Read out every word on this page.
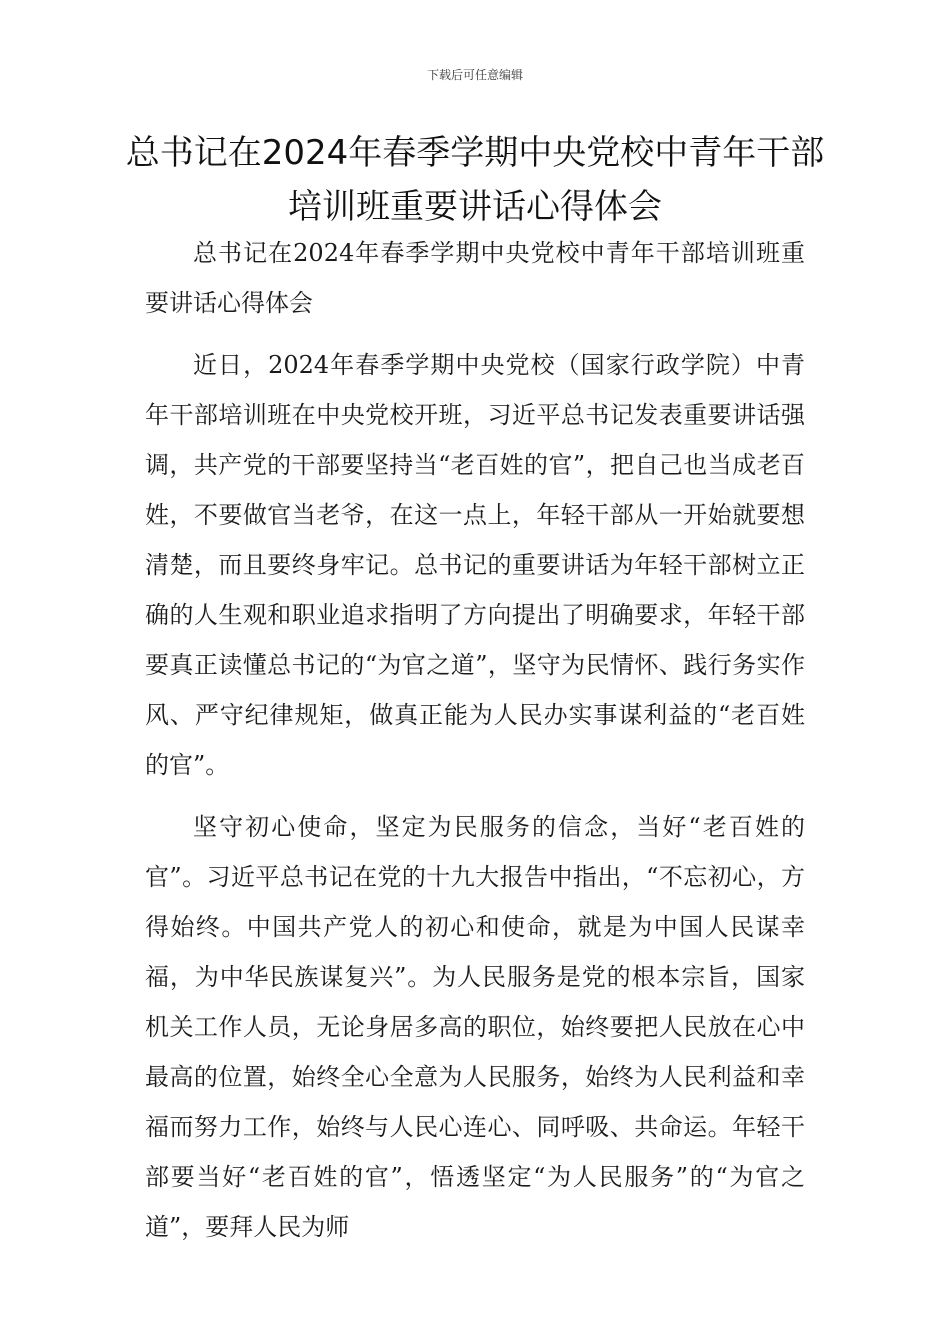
下载后可任意编辑
总书记在2024年春季学期中央党校中青年干部培训班重要讲话心得体会

总书记在2024年春季学期中央党校中青年干部培训班重要讲话心得体会

近日，2024年春季学期中央党校（国家行政学院）中青年干部培训班在中央党校开班，习近平总书记发表重要讲话强调，共产党的干部要坚持当“老百姓的官”，把自己也当成老百姓，不要做官当老爷，在这一点上，年轻干部从一开始就要想清楚，而且要终身牢记。总书记的重要讲话为年轻干部树立正确的人生观和职业追求指明了方向提出了明确要求，年轻干部要真正读懂总书记的“为官之道”，坚守为民情怀、践行务实作风、严守纪律规矩，做真正能为人民办实事谋利益的“老百姓的官”。

坚守初心使命，坚定为民服务的信念，当好“老百姓的官”。习近平总书记在党的十九大报告中指出，“不忘初心，方得始终。中国共产党人的初心和使命，就是为中国人民谋幸福，为中华民族谋复兴”。为人民服务是党的根本宗旨，国家机关工作人员，无论身居多高的职位，始终要把人民放在心中最高的位置，始终全心全意为人民服务，始终为人民利益和幸福而努力工作，始终与人民心连心、同呼吸、共命运。年轻干部要当好“老百姓的官”，悟透坚定“为人民服务”的“为官之道”，要拜人民为师
